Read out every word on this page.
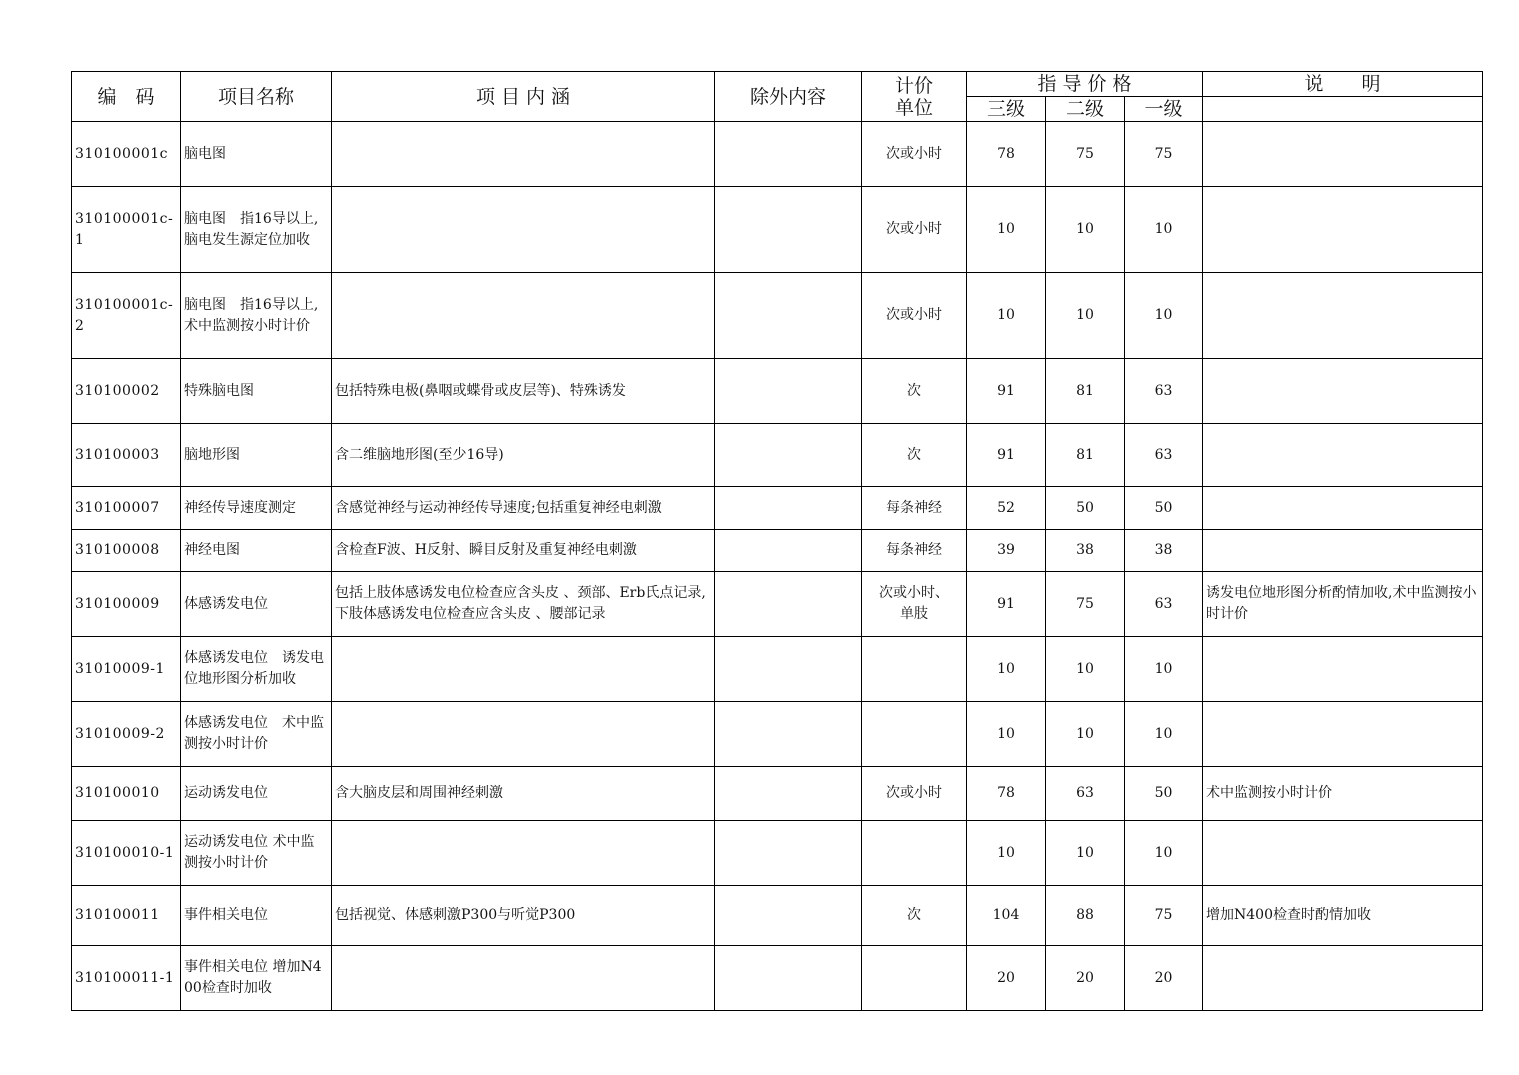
编　码	项目名称	项 目 内 涵	除外内容	计价
单位	指 导 价 格			说　　明
					三级	二级	一级	
310100001c	脑电图			次或小时	78	75	75	
310100001c-1	脑电图　指16导以上,
脑电发生源定位加收			次或小时	10	10	10	
310100001c-2	脑电图　指16导以上,
术中监测按小时计价			次或小时	10	10	10	
310100002	特殊脑电图	包括特殊电极(鼻咽或蝶骨或皮层等)、特殊诱发		次	91	81	63	
310100003	脑地形图	含二维脑地形图(至少16导)		次	91	81	63	
310100007	神经传导速度测定	含感觉神经与运动神经传导速度;包括重复神经电刺激		每条神经	52	50	50	
310100008	神经电图	含检查F波、H反射、瞬目反射及重复神经电刺激		每条神经	39	38	38	
310100009	体感诱发电位	包括上肢体感诱发电位检查应含头皮 、颈部、Erb氏点记录,下肢体感诱发电位检查应含头皮 、腰部记录		次或小时、
单肢	91	75	63	诱发电位地形图分析酌情加收,术中监测按小时计价
31010009-1	体感诱发电位　诱发电位地形图分析加收				10	10	10	
31010009-2	体感诱发电位　术中监测按小时计价				10	10	10	
310100010	运动诱发电位	含大脑皮层和周围神经刺激		次或小时	78	63	50	术中监测按小时计价
310100010-1	运动诱发电位 术中监测按小时计价				10	10	10	
310100011	事件相关电位	包括视觉、体感刺激P300与听觉P300		次	104	88	75	增加N400检查时酌情加收
310100011-1	事件相关电位 增加N400检查时加收				20	20	20	
